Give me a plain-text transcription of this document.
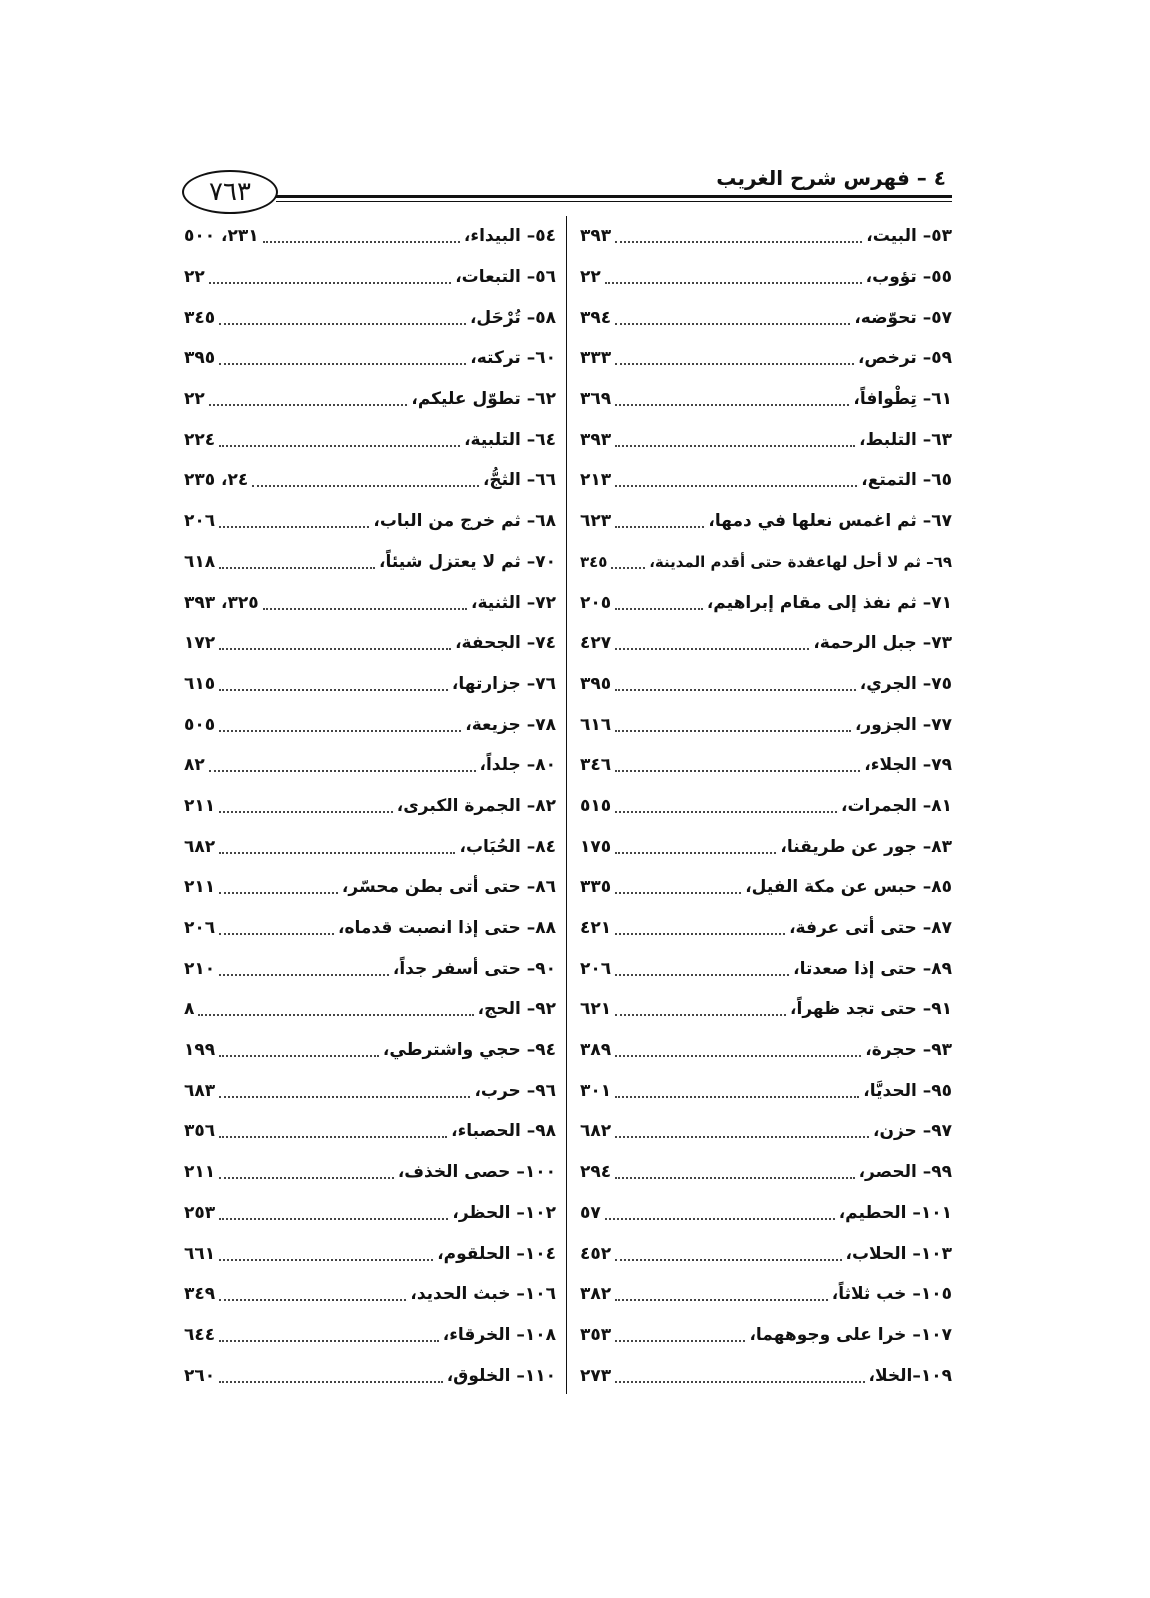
٤ – فهرس شرح الغريب
٧٦٣
٥٣– البيت،
٣٩٣
٥٥– تؤوب،
٢٢
٥٧– تحوّضه،
٣٩٤
٥٩– ترخص،
٣٣٣
٦١– تِطْوافاً،
٣٦٩
٦٣– التلبط،
٣٩٣
٦٥– التمتع،
٢١٣
٦٧– ثم اغمس نعلها في دمها،
٦٢٣
٦٩– ثم لا أحل لهاعقدة حتى أقدم المدينة،
٣٤٥
٧١– ثم نفذ إلى مقام إبراهيم،
٢٠٥
٧٣– جبل الرحمة،
٤٢٧
٧٥– الجري،
٣٩٥
٧٧– الجزور،
٦١٦
٧٩– الجلاء،
٣٤٦
٨١– الجمرات،
٥١٥
٨٣– جور عن طريقنا،
١٧٥
٨٥– حبس عن مكة الفيل،
٣٣٥
٨٧– حتى أتى عرفة،
٤٢١
٨٩– حتى إذا صعدتا،
٢٠٦
٩١– حتى تجد ظهراً،
٦٢١
٩٣– حجرة،
٣٨٩
٩٥– الحديَّا،
٣٠١
٩٧– حزن،
٦٨٢
٩٩– الحصر،
٢٩٤
١٠١– الحطيم،
٥٧
١٠٣– الحلاب،
٤٥٢
١٠٥– خب ثلاثاً،
٣٨٢
١٠٧– خرا على وجوههما،
٣٥٣
١٠٩–الخلا،
٢٧٣
٥٤– البيداء،
٢٣١، ٥٠٠
٥٦– التبعات،
٢٢
٥٨– تُرْحَل،
٣٤٥
٦٠– تركته،
٣٩٥
٦٢– تطوّل عليكم،
٢٢
٦٤– التلبية،
٢٢٤
٦٦– الثجُّ،
٢٤، ٢٣٥
٦٨– ثم خرج من الباب،
٢٠٦
٧٠– ثم لا يعتزل شيئاً،
٦١٨
٧٢– الثنية،
٣٢٥، ٣٩٣
٧٤– الجحفة،
١٧٢
٧٦– جزارتها،
٦١٥
٧٨– جزيعة،
٥٠٥
٨٠– جلداً،
٨٢
٨٢– الجمرة الكبرى،
٢١١
٨٤– الحُبَاب،
٦٨٢
٨٦– حتى أتى بطن محسّر،
٢١١
٨٨– حتى إذا انصبت قدماه،
٢٠٦
٩٠– حتى أسفر جداً،
٢١٠
٩٢– الحج،
٨
٩٤– حجي واشترطي،
١٩٩
٩٦– حرب،
٦٨٣
٩٨– الحصباء،
٣٥٦
١٠٠– حصى الخذف،
٢١١
١٠٢– الحظر،
٢٥٣
١٠٤– الحلقوم،
٦٦١
١٠٦– خبث الحديد،
٣٤٩
١٠٨– الخرقاء،
٦٤٤
١١٠– الخلوق،
٢٦٠
